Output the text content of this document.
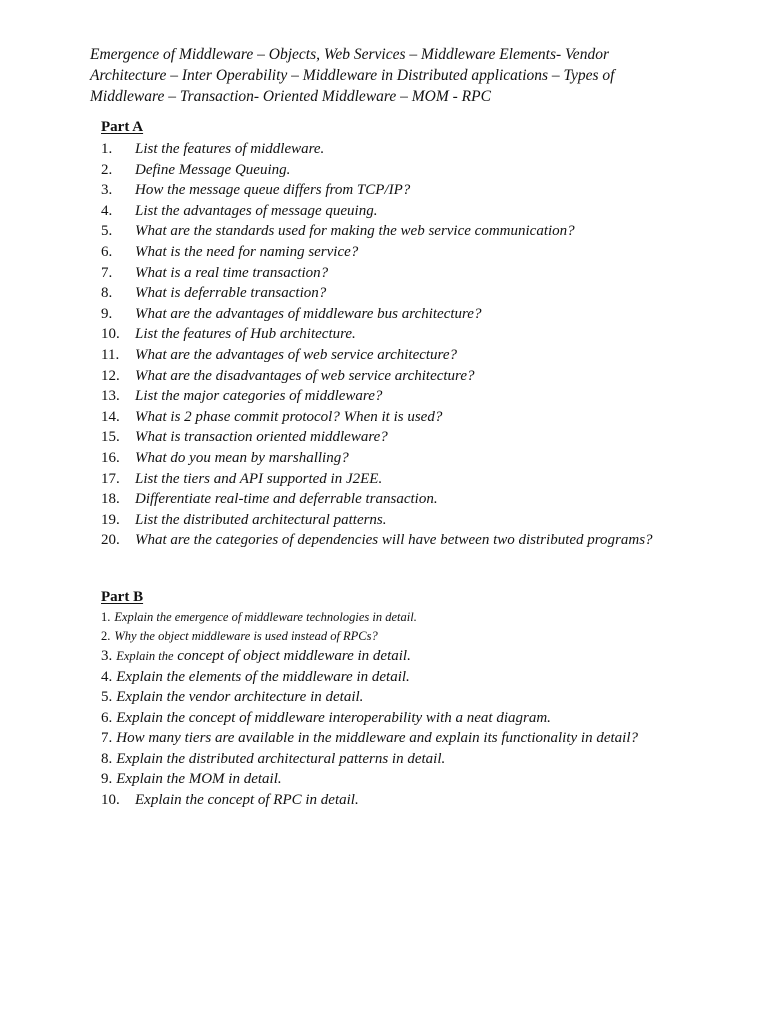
Emergence of Middleware – Objects, Web Services – Middleware Elements- Vendor
Architecture – Inter Operability – Middleware in Distributed applications – Types of
Middleware – Transaction- Oriented Middleware – MOM - RPC
Part A
1. List the features of middleware.
2. Define Message Queuing.
3. How the message queue differs from TCP/IP?
4. List the advantages of message queuing.
5. What are the standards used for making the web service communication?
6. What is the need for naming service?
7. What is a real time transaction?
8. What is deferrable transaction?
9. What are the advantages of middleware bus architecture?
10. List the features of Hub architecture.
11. What are the advantages of web service architecture?
12. What are the disadvantages of web service architecture?
13. List the major categories of middleware?
14. What is 2 phase commit protocol? When it is used?
15. What is transaction oriented middleware?
16. What do you mean by marshalling?
17. List the tiers and API supported in J2EE.
18. Differentiate real-time and deferrable transaction.
19. List the distributed architectural patterns.
20. What are the categories of dependencies will have between two distributed programs?
Part B
1. Explain the emergence of middleware technologies in detail.
2. Why the object middleware is used instead of RPCs?
3. Explain the concept of object middleware in detail.
4. Explain the elements of the middleware in detail.
5. Explain the vendor architecture in detail.
6. Explain the concept of middleware interoperability with a neat diagram.
7. How many tiers are available in the middleware and explain its functionality in detail?
8. Explain the distributed architectural patterns in detail.
9. Explain the MOM in detail.
10. Explain the concept of RPC in detail.
